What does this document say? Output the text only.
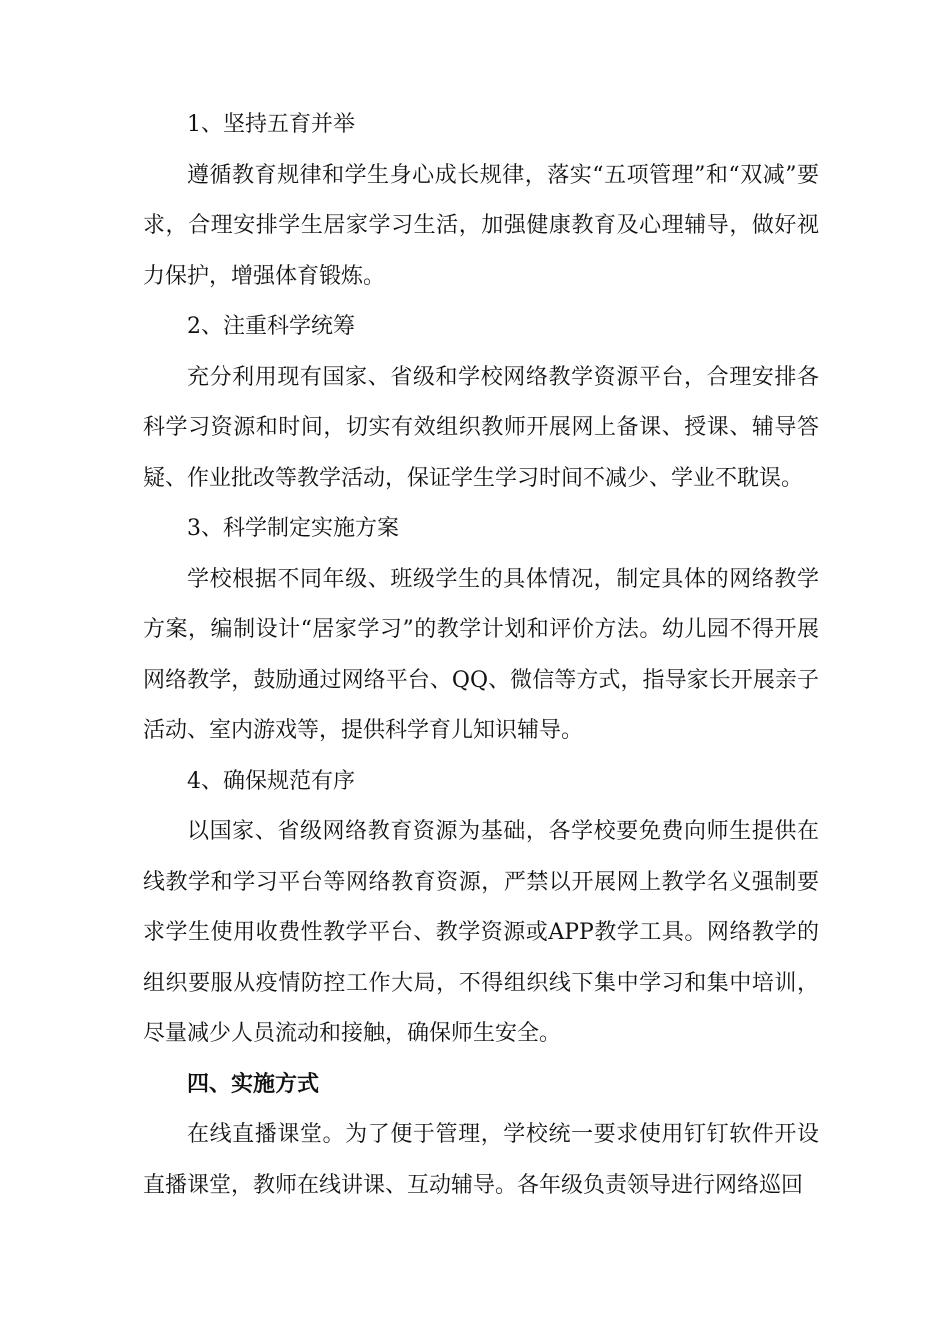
1、坚持五育并举

遵循教育规律和学生身心成长规律，落实“五项管理”和“双减”要求，合理安排学生居家学习生活，加强健康教育及心理辅导，做好视力保护，增强体育锻炼。

2、注重科学统筹

充分利用现有国家、省级和学校网络教学资源平台，合理安排各科学习资源和时间，切实有效组织教师开展网上备课、授课、辅导答疑、作业批改等教学活动，保证学生学习时间不减少、学业不耽误。

3、科学制定实施方案

学校根据不同年级、班级学生的具体情况，制定具体的网络教学方案，编制设计“居家学习”的教学计划和评价方法。幼儿园不得开展网络教学，鼓励通过网络平台、QQ、微信等方式，指导家长开展亲子活动、室内游戏等，提供科学育儿知识辅导。

4、确保规范有序

以国家、省级网络教育资源为基础，各学校要免费向师生提供在线教学和学习平台等网络教育资源，严禁以开展网上教学名义强制要求学生使用收费性教学平台、教学资源或APP教学工具。网络教学的组织要服从疫情防控工作大局，不得组织线下集中学习和集中培训，尽量减少人员流动和接触，确保师生安全。

四、实施方式

在线直播课堂。为了便于管理，学校统一要求使用钉钉软件开设直播课堂，教师在线讲课、互动辅导。各年级负责领导进行网络巡回
